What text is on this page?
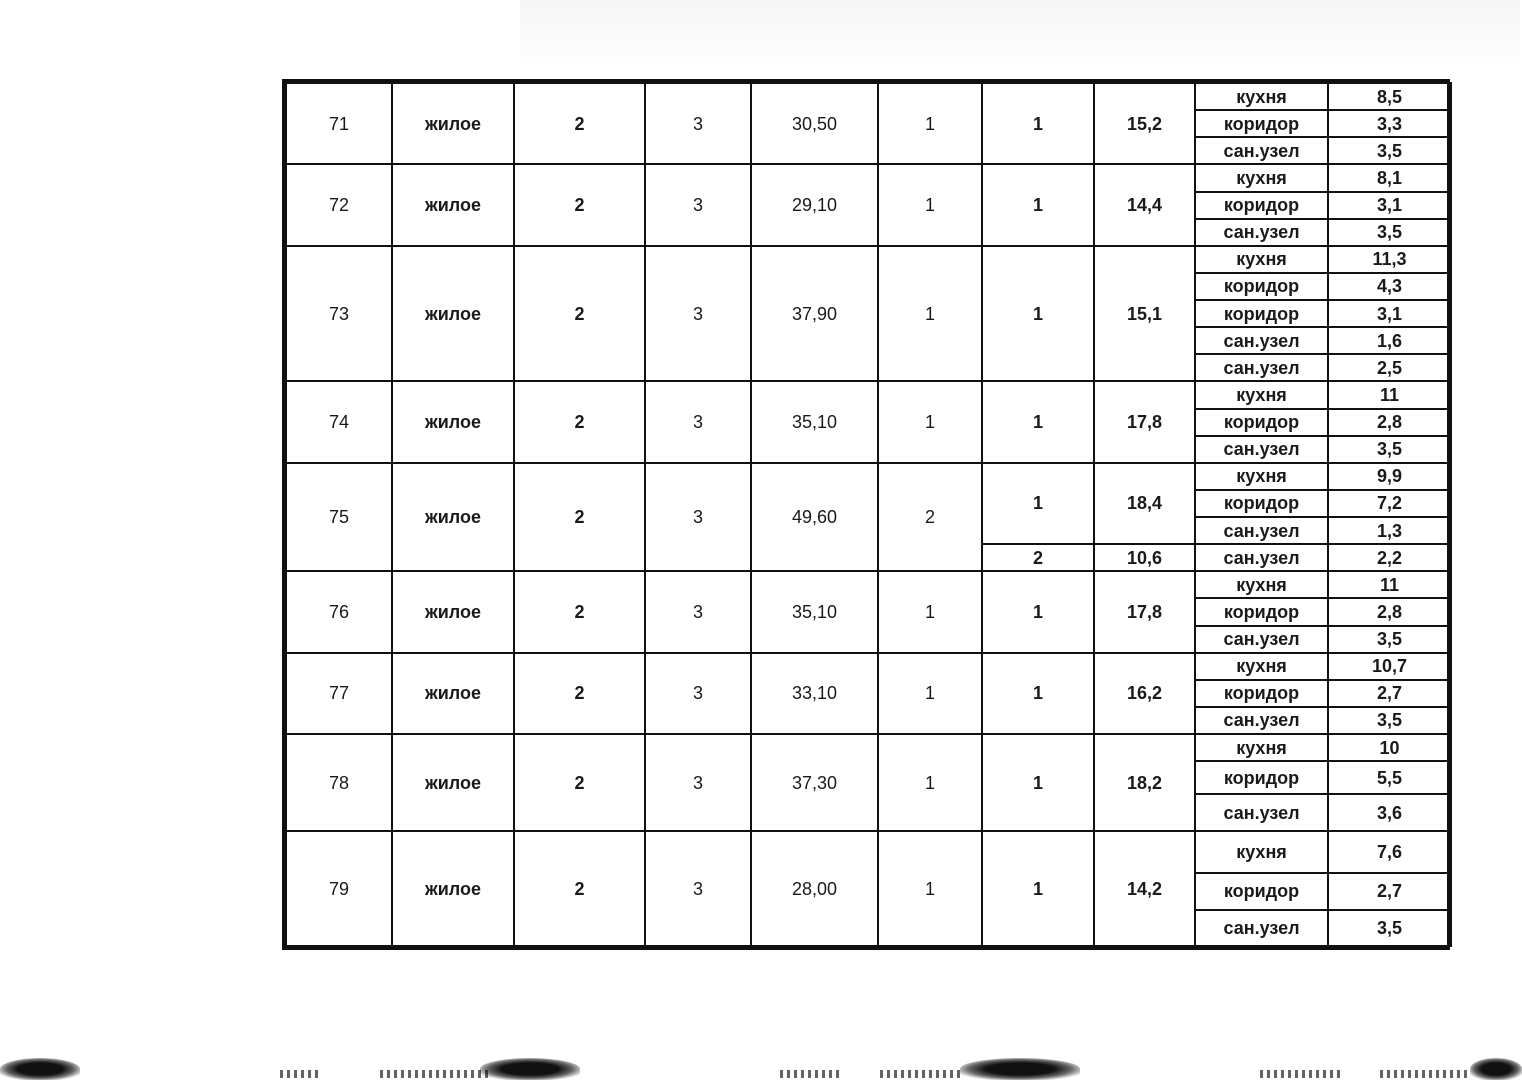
71	жилое	2	3	30,50	1	1	15,2	кухня	8,5
								коридор	3,3
								сан.узел	3,5
72	жилое	2	3	29,10	1	1	14,4	кухня	8,1
								коридор	3,1
								сан.узел	3,5
73	жилое	2	3	37,90	1	1	15,1	кухня	11,3
								коридор	4,3
								коридор	3,1
								сан.узел	1,6
								сан.узел	2,5
74	жилое	2	3	35,10	1	1	17,8	кухня	11
								коридор	2,8
								сан.узел	3,5
75	жилое	2	3	49,60	2	1	18,4	кухня	9,9
								коридор	7,2
								сан.узел	1,3
						2	10,6	сан.узел	2,2
76	жилое	2	3	35,10	1	1	17,8	кухня	11
								коридор	2,8
								сан.узел	3,5
77	жилое	2	3	33,10	1	1	16,2	кухня	10,7
								коридор	2,7
								сан.узел	3,5
78	жилое	2	3	37,30	1	1	18,2	кухня	10
								коридор	5,5
								сан.узел	3,6
79	жилое	2	3	28,00	1	1	14,2	кухня	7,6
								коридор	2,7
								сан.узел	3,5
